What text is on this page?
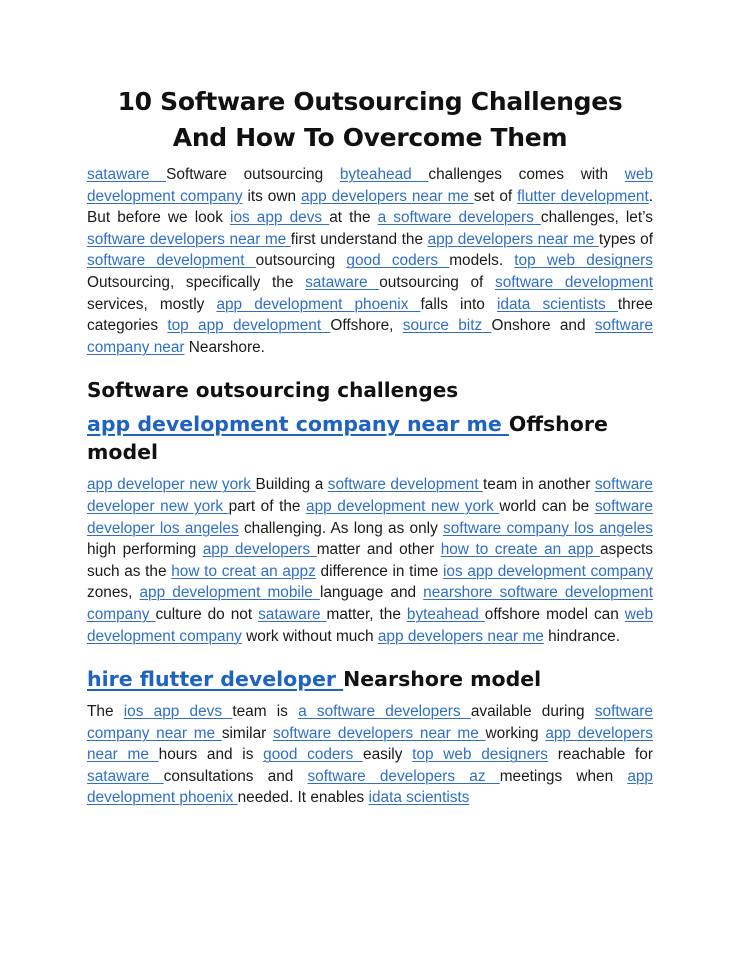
10 Software Outsourcing Challenges
And How To Overcome Them

sataware Software outsourcing byteahead challenges comes with web development company its own app developers near me set of flutter development. But before we look ios app devs at the a software developers challenges, let’s software developers near me first understand the app developers near me types of software development outsourcing good coders models. top web designers Outsourcing, specifically the sataware outsourcing of software development services, mostly app development phoenix falls into idata scientists three categories top app development Offshore, source bitz Onshore and software company near Nearshore.

Software outsourcing challenges
app development company near me Offshore model

app developer new york Building a software development team in another software developer new york part of the app development new york world can be software developer los angeles challenging. As long as only software company los angeles high performing app developers matter and other how to create an app aspects such as the how to creat an appz difference in time ios app development company zones, app development mobile language and nearshore software development company culture do not sataware matter, the byteahead offshore model can web development company work without much app developers near me hindrance.

hire flutter developer Nearshore model

The ios app devs team is a software developers available during software company near me similar software developers near me working app developers near me hours and is good coders easily top web designers reachable for sataware consultations and software developers az meetings when app development phoenix needed. It enables idata scientists
